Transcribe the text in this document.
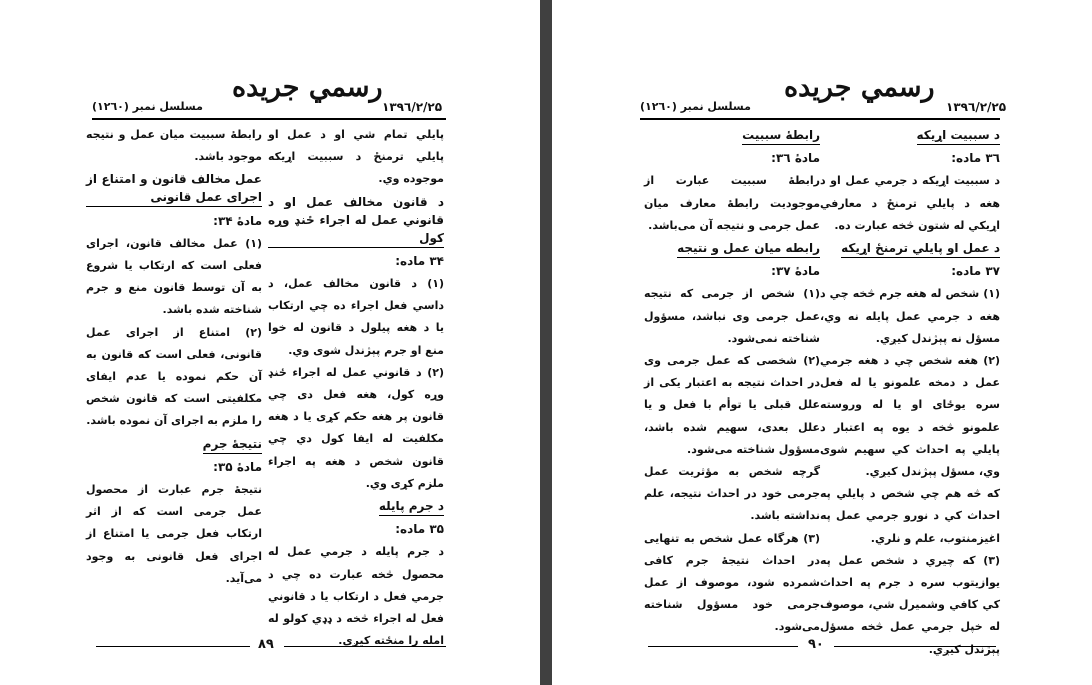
رسمي جريده
۱۳۹٦/۲/۲۵
مسلسل نمبر (۱۲٦۰)

پايلي تمام شي او د عمل او پايلي ترمنځ د سببيت اړيکه موجوده وي.

د قانون مخالف عمل او د قانوني عمل له اجراء ځنډ وړه کول

۳۴ ماده:

(۱) د قانون مخالف عمل، د داسي فعل اجراء ده چي ارتکاب يا د هغه پيلول د قانون له خوا منع او جرم پېژندل شوی وي.

(۲) د قانوني عمل له اجراء ځنډ وړه کول، هغه فعل دی چي قانون پر هغه حکم کړی يا د هغه مکلفيت له ايفا کول دي چي قانون شخص د هغه په اجراء ملزم کړی وي.

د جرم پايله

۳۵ ماده:

د جرم پايله د جرمي عمل له محصول څخه عبارت ده چي د جرمي فعل د ارتکاب يا د قانوني فعل له اجراء څخه د ډډي کولو له امله را منځته کيږي.

رابطهٔ سببيت ميان عمل و نتيجه موجود باشد.

عمل مخالف قانون و امتناع از اجرای عمل قانونی

مادهٔ ۳۴:

(۱) عمل مخالف قانون، اجرای فعلی است که ارتکاب يا شروع به آن توسط قانون منع و جرم شناخته شده باشد.

(۲) امتناع از اجرای عمل قانونی، فعلی است که قانون به آن حکم نموده يا عدم ايفای مکلفيتی است که قانون شخص را ملزم به اجرای آن نموده باشد.

نتيجهٔ جرم

مادهٔ ۳۵:

نتيجهٔ جرم عبارت از محصول عمل جرمی است که از اثر ارتکاب فعل جرمی يا امتناع از اجرای فعل قانونی به وجود می‌آيد.

۸۹
رسمي جريده
۱۳۹٦/۲/۲۵
مسلسل نمبر (۱۲٦۰)

د سببيت اړيکه

۳٦ ماده:

د سببيت اړيکه د جرمي عمل او د هغه د پايلي ترمنځ د معارفي اړيکي له شتون څخه عبارت ده.

د عمل او پايلي ترمنځ اړيکه

۳۷ ماده:

(۱) شخص له هغه جرم څخه چي د هغه د جرمي عمل پايله نه وي، مسؤل نه پېژندل کيږي.

(۲) هغه شخص چي د هغه جرمي عمل د دمخه علمونو يا له فعل سره يوځای او يا له وروسته علمونو څخه د يوه په اعتبار د پايلي په احداث کي سهيم شوی وي، مسؤل پېژندل کيږي.

که څه هم چي شخص د پايلي په احداث کي د نورو جرمي عمل په اغيزمنتوب، علم و نلري.

(۳) که چيري د شخص عمل په يوازيتوب سره د جرم په احداث کي کافي وشميرل شي، موصوف له خپل جرمي عمل څخه مسؤل پېژندل کيږي.

رابطهٔ سببيت

مادهٔ ۳٦:

رابطهٔ سببيت عبارت از موجوديت رابطهٔ معارف ميان عمل جرمی و نتيجه آن می‌باشد.

رابطه ميان عمل و نتيجه

مادهٔ ۳۷:

(۱) شخص از جرمی که نتيجه عمل جرمی وی نباشد، مسؤول شناخته نمی‌شود.

(۲) شخصی که عمل جرمی وی در احداث نتيجه به اعتبار يکی از علل قبلی يا توأم با فعل و يا علل بعدی، سهيم شده باشد، مسؤول شناخته می‌شود.

گرچه شخص به مؤثريت عمل جرمی خود در احداث نتيجه، علم نداشته باشد.

(۳) هرگاه عمل شخص به تنهايی در احداث نتيجهٔ جرم کافی شمرده شود، موصوف از عمل جرمی خود مسؤول شناخته می‌شود.

۹۰
